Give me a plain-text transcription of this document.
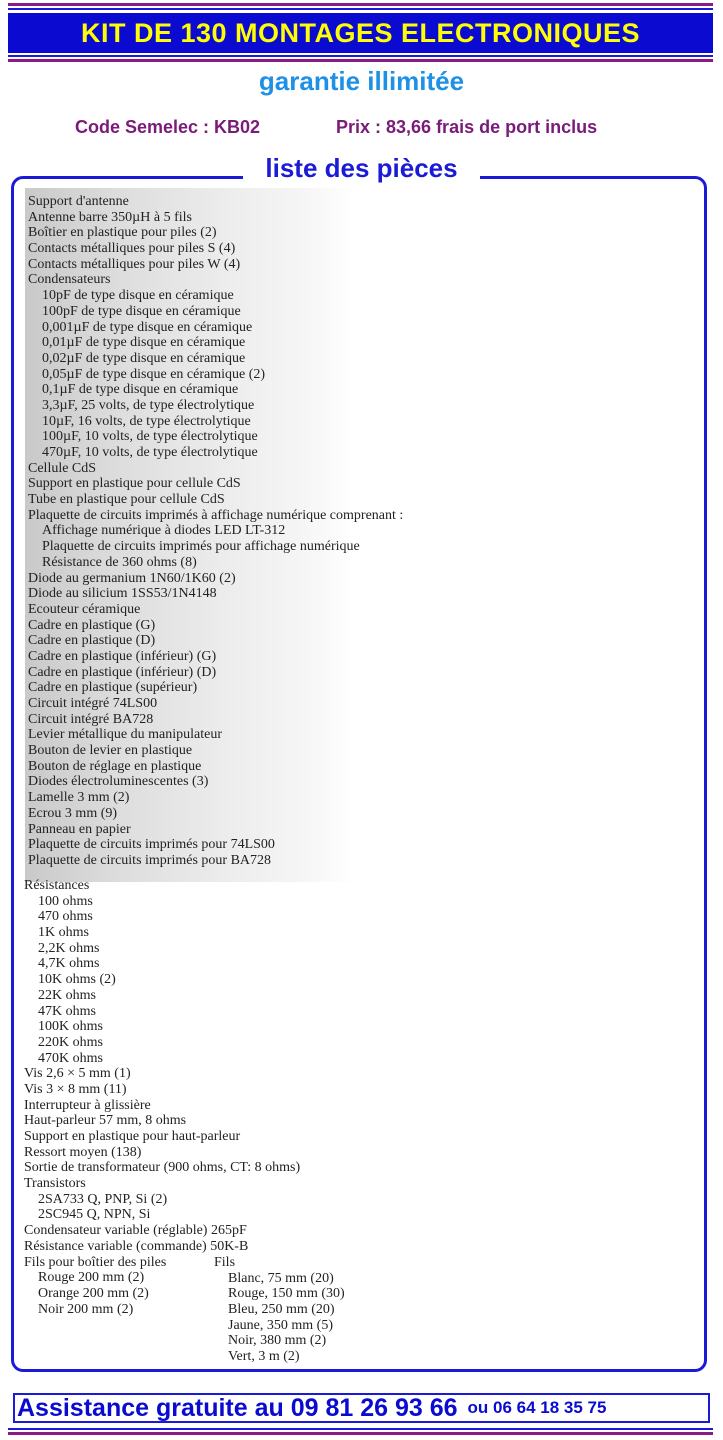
KIT DE 130 MONTAGES ELECTRONIQUES
garantie illimitée
Code Semelec : KB02	Prix : 83,66 frais de port inclus
liste des pièces
Support d'antenne
Antenne barre 350µH à 5 fils
Boîtier en plastique pour piles (2)
Contacts métalliques pour piles S (4)
Contacts métalliques pour piles W (4)
Condensateurs
10pF de type disque en céramique
100pF de type disque en céramique
0,001µF de type disque en céramique
0,01µF de type disque en céramique
0,02µF de type disque en céramique
0,05µF de type disque en céramique (2)
0,1µF de type disque en céramique
3,3µF, 25 volts, de type électrolytique
10µF, 16 volts, de type électrolytique
100µF, 10 volts, de type électrolytique
470µF, 10 volts, de type électrolytique
Cellule CdS
Support en plastique pour cellule CdS
Tube en plastique pour cellule CdS
Plaquette de circuits imprimés à affichage numérique comprenant :
Affichage numérique à diodes LED LT-312
Plaquette de circuits imprimés pour affichage numérique
Résistance de 360 ohms (8)
Diode au germanium 1N60/1K60 (2)
Diode au silicium 1SS53/1N4148
Ecouteur céramique
Cadre en plastique (G)
Cadre en plastique (D)
Cadre en plastique (inférieur) (G)
Cadre en plastique (inférieur) (D)
Cadre en plastique (supérieur)
Circuit intégré 74LS00
Circuit intégré BA728
Levier métallique du manipulateur
Bouton de levier en plastique
Bouton de réglage en plastique
Diodes électroluminescentes (3)
Lamelle 3 mm (2)
Ecrou 3 mm (9)
Panneau en papier
Plaquette de circuits imprimés pour 74LS00
Plaquette de circuits imprimés pour BA728
Résistances
100 ohms
470 ohms
1K ohms
2,2K ohms
4,7K ohms
10K ohms (2)
22K ohms
47K ohms
100K ohms
220K ohms
470K ohms
Vis 2,6 × 5 mm (1)
Vis 3 × 8 mm (11)
Interrupteur à glissière
Haut-parleur 57 mm, 8 ohms
Support en plastique pour haut-parleur
Ressort moyen (138)
Sortie de transformateur (900 ohms, CT: 8 ohms)
Transistors
2SA733 Q, PNP, Si (2)
2SC945 Q, NPN, Si
Condensateur variable (réglable) 265pF
Résistance variable (commande) 50K-B
Fils pour boîtier des piles
Rouge 200 mm (2)
Orange 200 mm (2)
Noir 200 mm (2)
Fils
Blanc, 75 mm (20)
Rouge, 150 mm (30)
Bleu, 250 mm (20)
Jaune, 350 mm (5)
Noir, 380 mm (2)
Vert, 3 m (2)
Assistance gratuite au 09 81 26 93 66 ou 06 64 18 35 75
